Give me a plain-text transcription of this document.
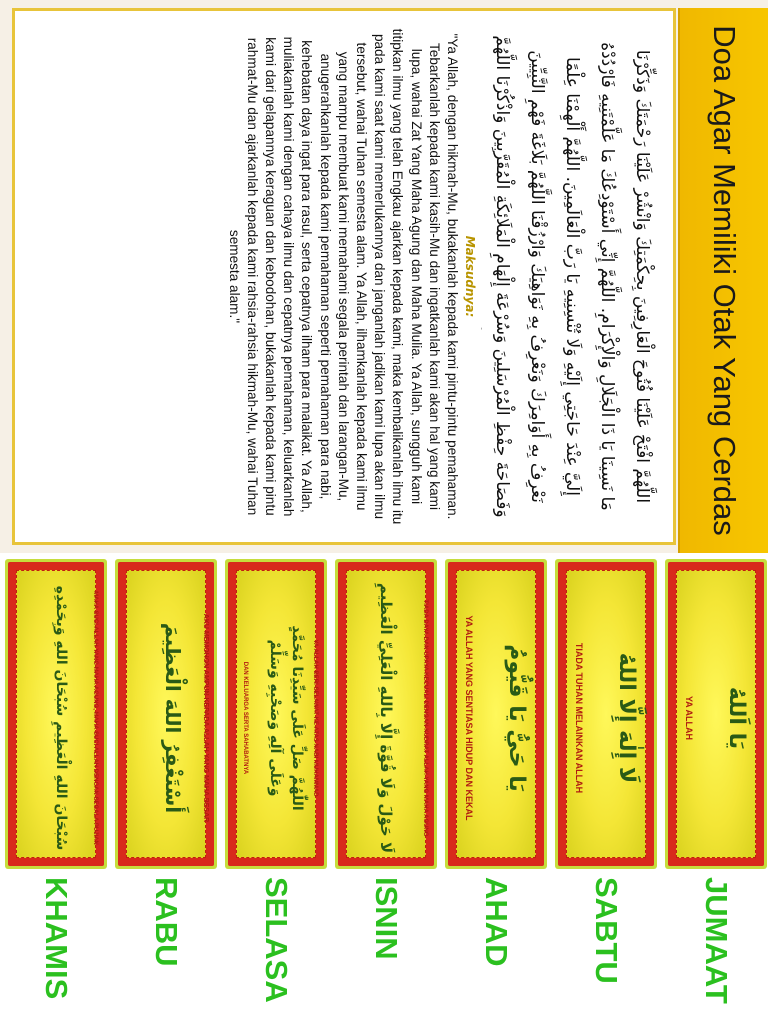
Doa Agar Memiliki Otak Yang Cerdas
اللَّهُمَّ افْتَحْ عَلَيْنَا فُتُوحَ الْعَارِفِينَ بِحِكْمَتِكَ وَانْشُرْ عَلَيْنَا رَحْمَتَكَ وَذَكِّرْنَا
مَا نَسِينَا يَا ذَا الْجَلَالِ وَالْإِكْرَامِ. اللَّهُمَّ إِنِّي أَسْتَوْدِعُكَ مَا عَلَّمْتَنِيهِ فَارْدُدْهُ
إِلَيَّ عِنْدَ حَاجَتِي إِلَيْهِ وَلَا تُنْسِنِيهِ يَا رَبَّ الْعَالَمِينَ. اللَّهُمَّ أَلْهِمْنَا عِلْمًا
نَعْرِفُ بِهِ أَوَامِرَكَ وَنَعْرِفُ بِهِ نَوَاهِيَكَ وَارْزُقْنَا اللَّهُمَّ بَلَاغَةَ فَهْمِ النَّبِيِّينَ
وَفَصَاحَةَ حِفْظِ الْمُرْسَلِينَ وَسُرْعَةَ إِلْهَامِ الْمَلَائِكَةِ الْمُقَرَّبِينَ وَاذْكُرْنَا اللَّهُمَّ
Maksudnya:
"Ya Allah, dengan hikmah-Mu, bukakanlah kepada kami pintu-pintu pemahaman. Tebarkanlah kepada kami kasih-Mu dan ingatkanlah kami akan hal yang kami lupa, wahai Zat Yang Maha Agung dan Maha Mulia. Ya Allah, sungguh kami titipkan ilmu yang telah Engkau ajarkan kepada kami, maka kembalikanlah ilmu itu pada kami saat kami memerlukannya dan janganlah jadikan kami lupa akan ilmu tersebut, wahai Tuhan semesta alam. Ya Allah, ilhamkanlah kepada kami ilmu yang mampu membuat kami memahami segala perintah dan larangan-Mu, anugerahkanlah kepada kami pemahaman seperti pemahaman para nabi, kehebatan daya ingat para rasul, serta cepatnya ilham para malaikat. Ya Allah, muliakanlah kami dengan cahaya ilmu dan cepatnya pemahaman, keluarkanlah kami dari gelapannya keraguan dan kebodohan, bukakanlah kepada kami pintu rahmat-Mu dan ajarkanlah kepada kami rahsia-rahsia hikmah-Mu, wahai Tuhan semesta alam."
يَا اَللهُ
YA ALLAH
JUMAAT
لَا إِلٰهَ إِلَّا اللهُ
TIADA TUHAN MELAINKAN ALLAH
SABTU
يَا حَيُّ يَا قَيُّومُ
YA ALLAH YANG SENTIASA HIDUP DAN KEKAL
AHAD
TIADA DAYA DAN UPAYA KECUALI DENGAN KUDRAT ALLAH YANG MAHA AGUNG
لَا حَوْلَ وَلَا قُوَّةَ إِلَّا بِاللهِ الْعَلِيِّ الْعَظِيمِ
ISNIN
YA ALLAH BERI SELAWAT KE ATAS NABI MUHAMMAD
اللّٰهُمَّ صَلِّ عَلَى سَيِّدِنَا مُحَمَّدٍ
وَعَلَى آلِهِ وَصَحْبِهِ وَسَلِّمْ
DAN KELUARGA SERTA SAHABATNYA
SELASA
AKU MEMOHON AMPUN KEPADA ALLAH YANG MAHA BESAR
أَسْتَغْفِرُ اللهَ الْعَظِيمَ
RABU
MAHA SUCI ALLAH YANG MAHA AGUNG, MAHA SUCI ALLAH DENGAN SEGALA PUJIAN
سُبْحَانَ اللهِ الْعَظِيمِ سُبْحَانَ اللهِ وَبِحَمْدِهِ
KHAMIS
